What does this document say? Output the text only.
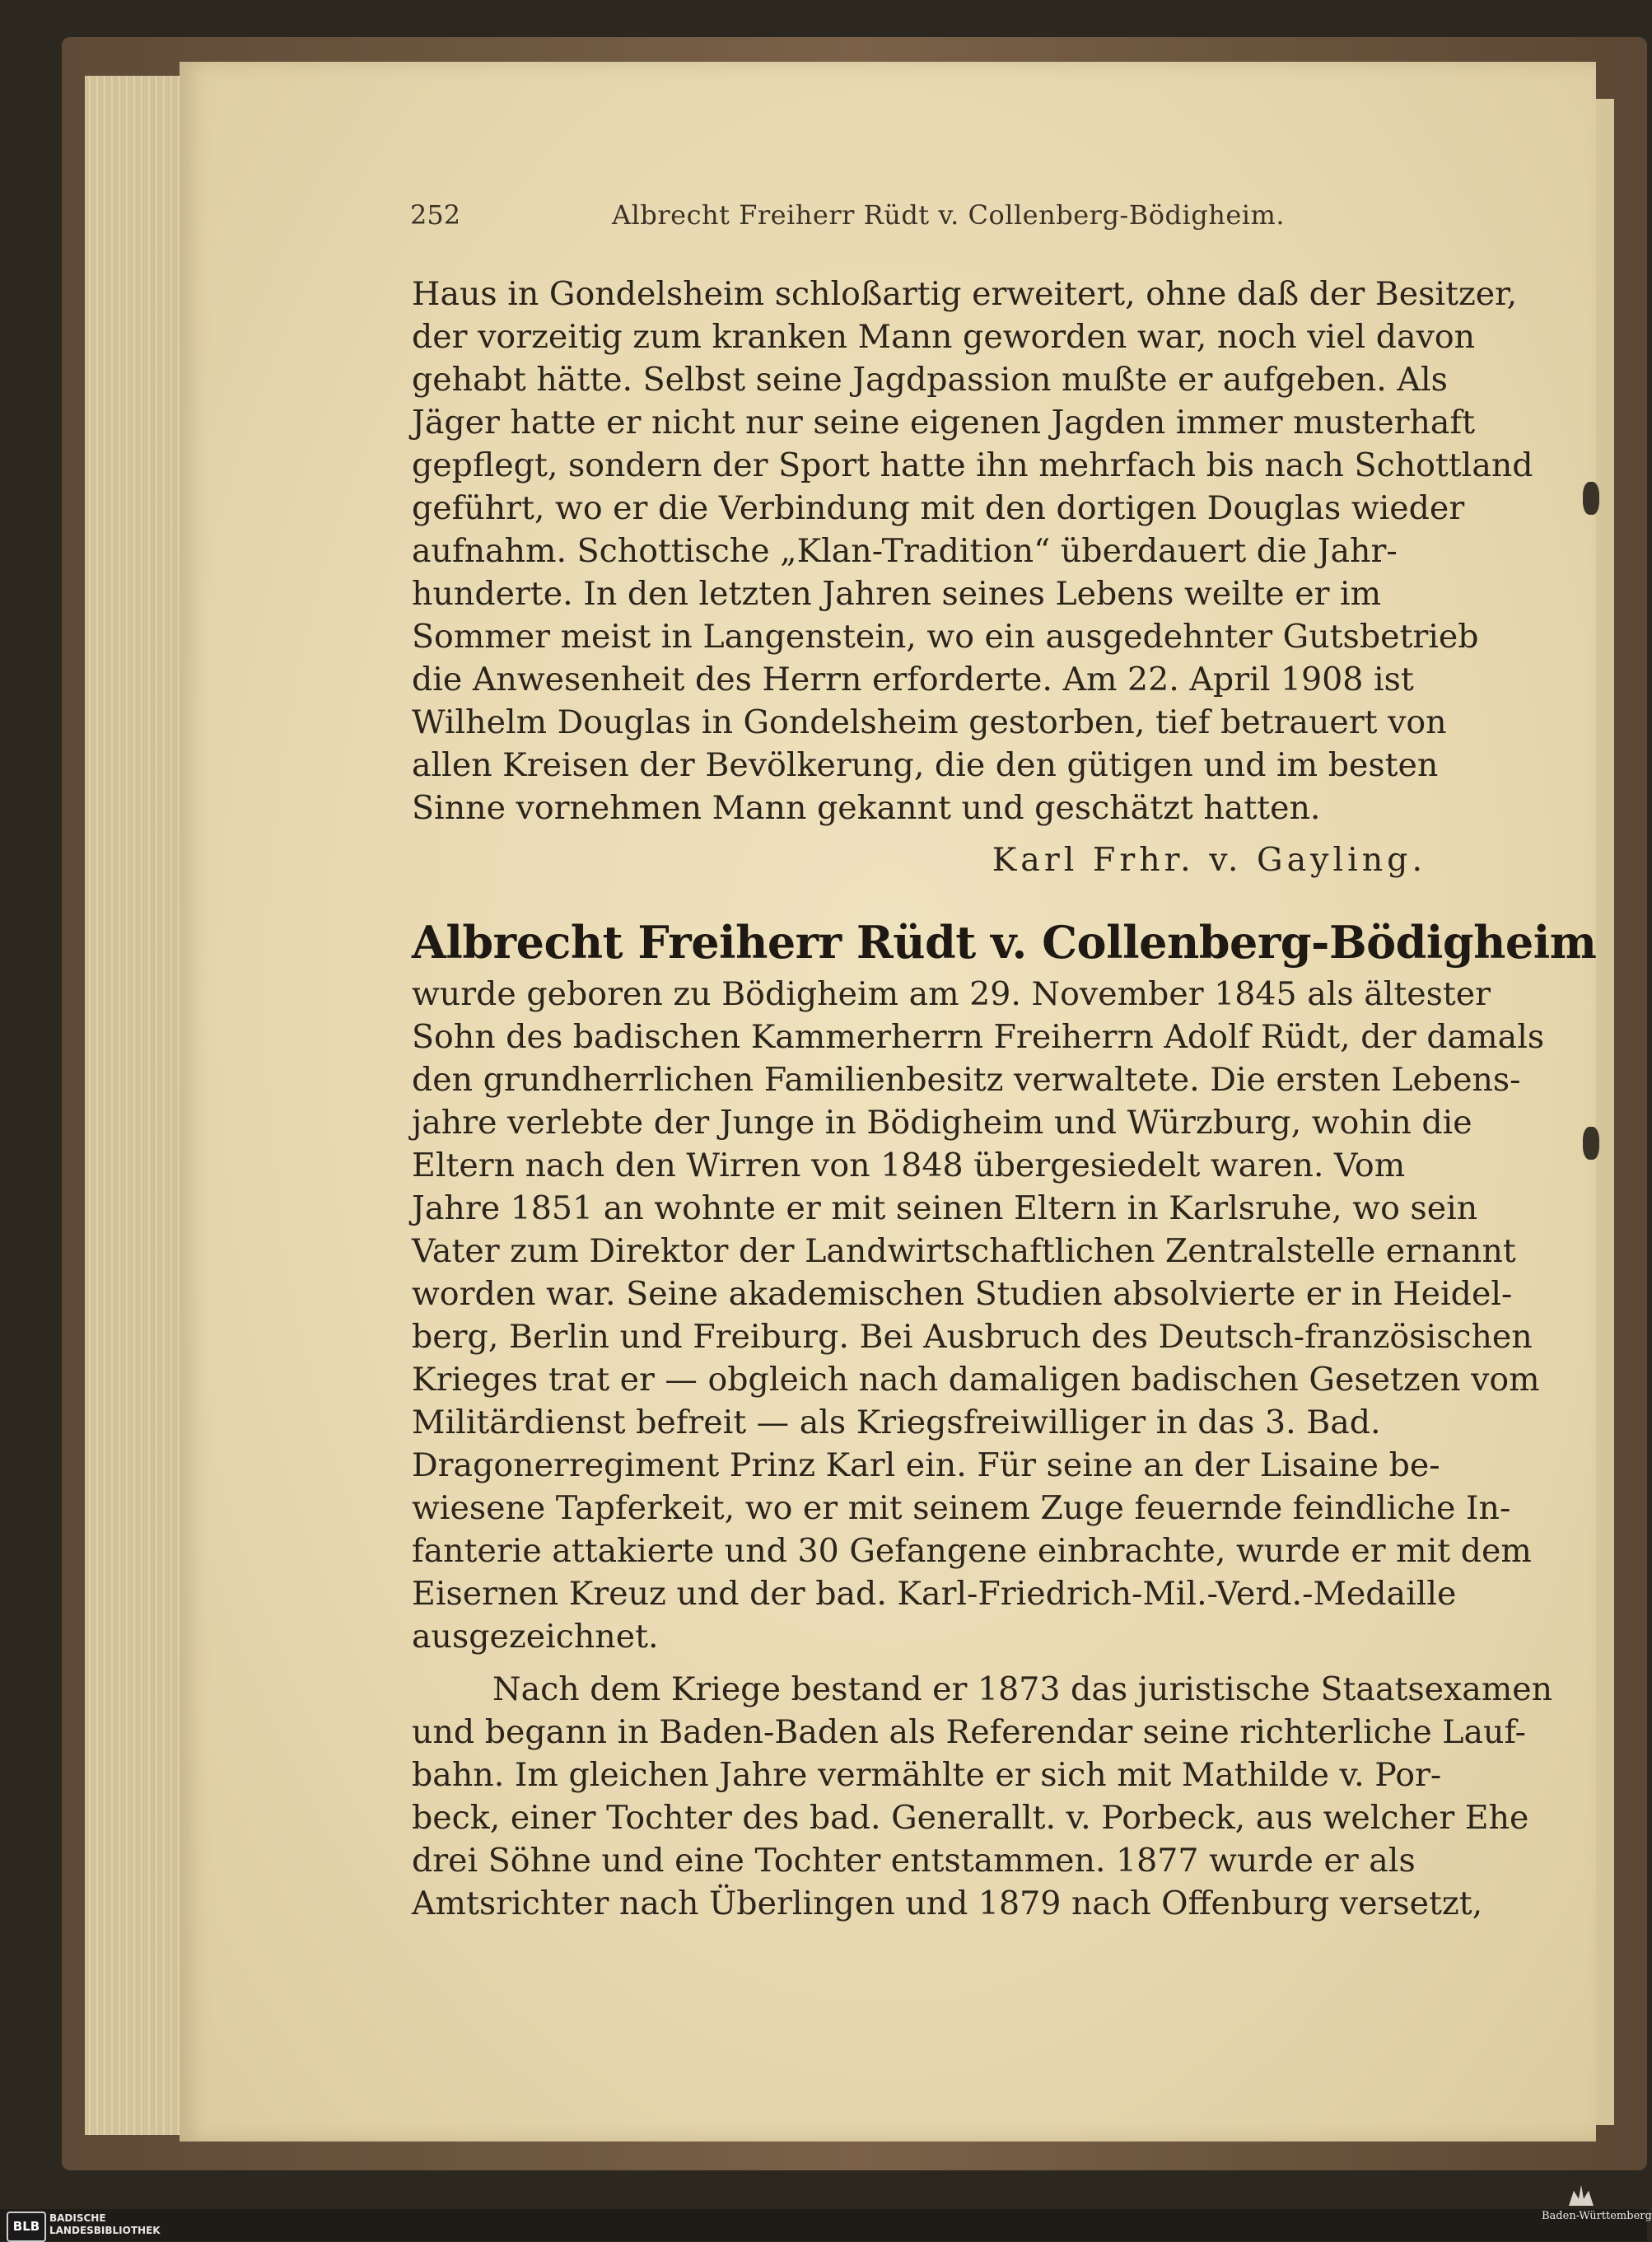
252	Albrecht Freiherr Rüdt v. Collenberg-Bödigheim.
Haus in Gondelsheim schloßartig erweitert, ohne daß der Besitzer,
der vorzeitig zum kranken Mann geworden war, noch viel davon
gehabt hätte. Selbst seine Jagdpassion mußte er aufgeben. Als
Jäger hatte er nicht nur seine eigenen Jagden immer musterhaft
gepflegt, sondern der Sport hatte ihn mehrfach bis nach Schottland
geführt, wo er die Verbindung mit den dortigen Douglas wieder
aufnahm. Schottische „Klan-Tradition“ überdauert die Jahr-
hunderte. In den letzten Jahren seines Lebens weilte er im
Sommer meist in Langenstein, wo ein ausgedehnter Gutsbetrieb
die Anwesenheit des Herrn erforderte. Am 22. April 1908 ist
Wilhelm Douglas in Gondelsheim gestorben, tief betrauert von
allen Kreisen der Bevölkerung, die den gütigen und im besten
Sinne vornehmen Mann gekannt und geschätzt hatten.
Karl Frhr. v. Gayling.
Albrecht Freiherr Rüdt v. Collenberg-Bödigheim
wurde geboren zu Bödigheim am 29. November 1845 als ältester
Sohn des badischen Kammerherrn Freiherrn Adolf Rüdt, der damals
den grundherrlichen Familienbesitz verwaltete. Die ersten Lebens-
jahre verlebte der Junge in Bödigheim und Würzburg, wohin die
Eltern nach den Wirren von 1848 übergesiedelt waren. Vom
Jahre 1851 an wohnte er mit seinen Eltern in Karlsruhe, wo sein
Vater zum Direktor der Landwirtschaftlichen Zentralstelle ernannt
worden war. Seine akademischen Studien absolvierte er in Heidel-
berg, Berlin und Freiburg. Bei Ausbruch des Deutsch-französischen
Krieges trat er — obgleich nach damaligen badischen Gesetzen vom
Militärdienst befreit — als Kriegsfreiwilliger in das 3. Bad.
Dragonerregiment Prinz Karl ein. Für seine an der Lisaine be-
wiesene Tapferkeit, wo er mit seinem Zuge feuernde feindliche In-
fanterie attakierte und 30 Gefangene einbrachte, wurde er mit dem
Eisernen Kreuz und der bad. Karl-Friedrich-Mil.-Verd.-Medaille
ausgezeichnet.
Nach dem Kriege bestand er 1873 das juristische Staatsexamen
und begann in Baden-Baden als Referendar seine richterliche Lauf-
bahn. Im gleichen Jahre vermählte er sich mit Mathilde v. Por-
beck, einer Tochter des bad. Generallt. v. Porbeck, aus welcher Ehe
drei Söhne und eine Tochter entstammen. 1877 wurde er als
Amtsrichter nach Überlingen und 1879 nach Offenburg versetzt,
BLB
BADISCHE
LANDESBIBLIOTHEK
Baden-Württemberg
